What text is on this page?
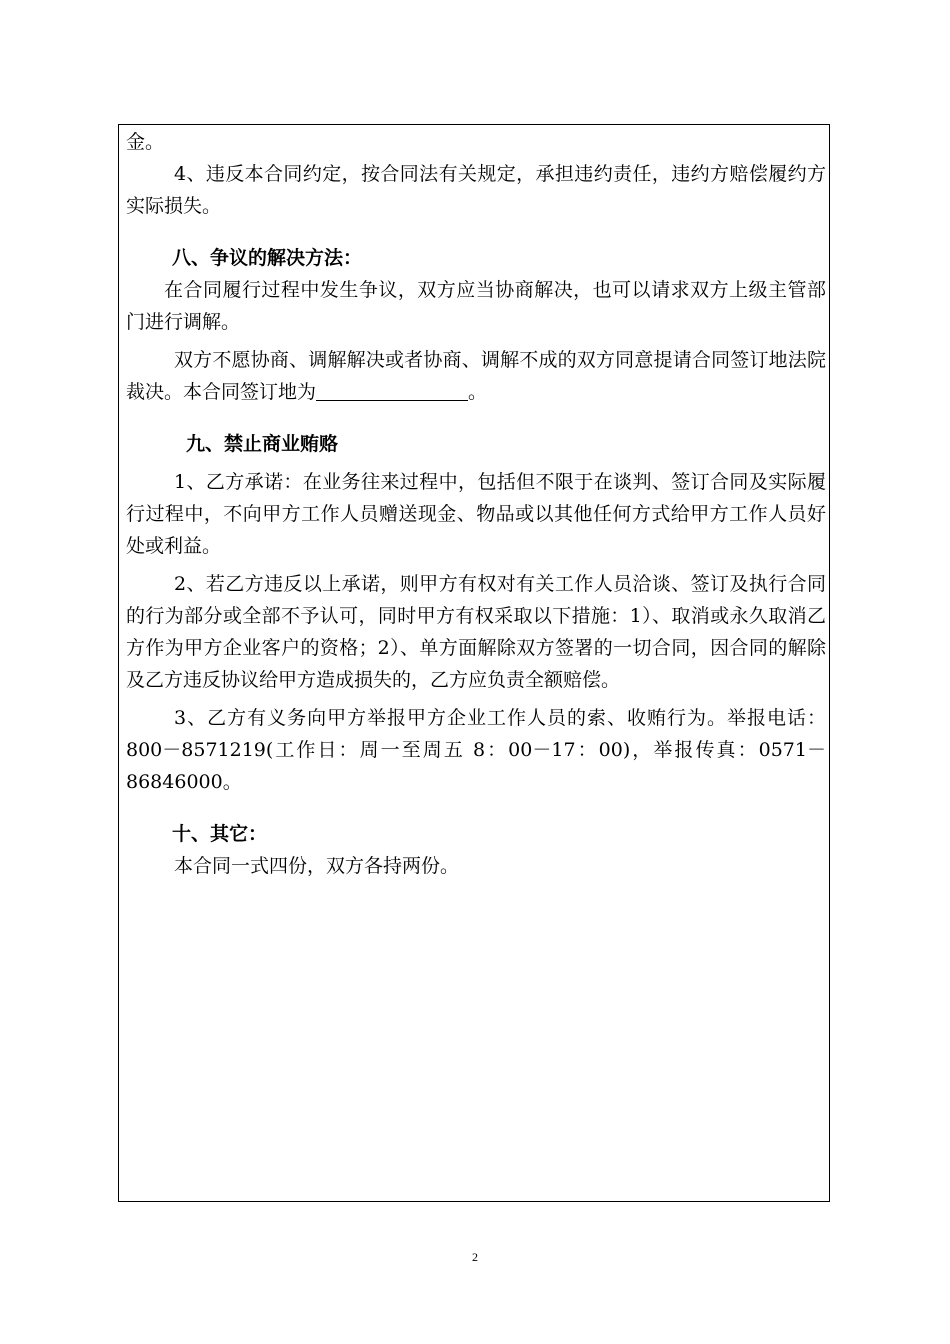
金。

4、违反本合同约定，按合同法有关规定，承担违约责任，违约方赔偿履约方实际损失。

八、争议的解决方法：

在合同履行过程中发生争议，双方应当协商解决，也可以请求双方上级主管部门进行调解。

双方不愿协商、调解解决或者协商、调解不成的双方同意提请合同签订地法院裁决。本合同签订地为	。

九、禁止商业贿赂

1、乙方承诺：在业务往来过程中，包括但不限于在谈判、签订合同及实际履行过程中，不向甲方工作人员赠送现金、物品或以其他任何方式给甲方工作人员好处或利益。

2、若乙方违反以上承诺，则甲方有权对有关工作人员洽谈、签订及执行合同的行为部分或全部不予认可，同时甲方有权采取以下措施：1）、取消或永久取消乙方作为甲方企业客户的资格；2）、单方面解除双方签署的一切合同，因合同的解除及乙方违反协议给甲方造成损失的，乙方应负责全额赔偿。

3、乙方有义务向甲方举报甲方企业工作人员的索、收贿行为。举报电话：800－8571219(工作日：周一至周五 8：00－17：00)，举报传真：0571－86846000。

十、其它：

本合同一式四份，双方各持两份。

2
